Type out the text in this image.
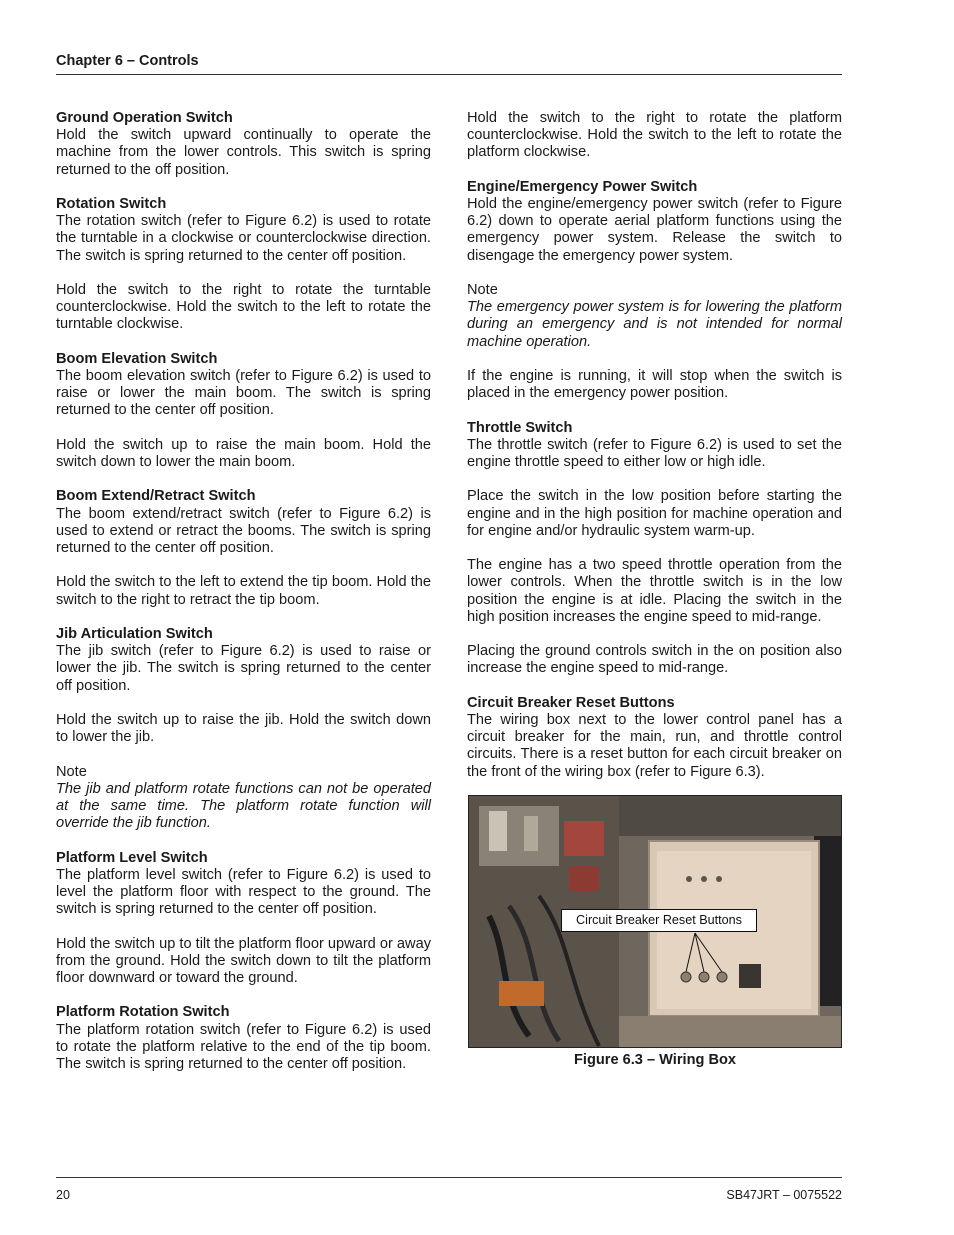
Chapter 6 – Controls
Ground Operation Switch
Hold the switch upward continually to operate the machine from the lower controls. This switch is spring returned to the off position.
Rotation Switch
The rotation switch (refer to Figure 6.2) is used to rotate the turntable in a clockwise or counterclockwise direction. The switch is spring returned to the center off position.
Hold the switch to the right to rotate the turntable counterclockwise. Hold the switch to the left to rotate the turntable clockwise.
Boom Elevation Switch
The boom elevation switch (refer to Figure 6.2) is used to raise or lower the main boom. The switch is spring returned to the center off position.
Hold the switch up to raise the main boom. Hold the switch down to lower the main boom.
Boom Extend/Retract Switch
The boom extend/retract switch (refer to Figure 6.2) is used to extend or retract the booms. The switch is spring returned to the center off position.
Hold the switch to the left to extend the tip boom. Hold the switch to the right to retract the tip boom.
Jib Articulation Switch
The jib switch (refer to Figure 6.2) is used to raise or lower the jib. The switch is spring returned to the center off position.
Hold the switch up to raise the jib. Hold the switch down to lower the jib.
Note
The jib and platform rotate functions can not be operated at the same time. The platform rotate function will override the jib function.
Platform Level Switch
The platform level switch (refer to Figure 6.2) is used to level the platform floor with respect to the ground. The switch is spring returned to the center off position.
Hold the switch up to tilt the platform floor upward or away from the ground. Hold the switch down to tilt the platform floor downward or toward the ground.
Platform Rotation Switch
The platform rotation switch (refer to Figure 6.2) is used to rotate the platform relative to the end of the tip boom. The switch is spring returned to the center off position.
Hold the switch to the right to rotate the platform counterclockwise. Hold the switch to the left to rotate the platform clockwise.
Engine/Emergency Power Switch
Hold the engine/emergency power switch (refer to Figure 6.2) down to operate aerial platform functions using the emergency power system. Release the switch to disengage the emergency power system.
Note
The emergency power system is for lowering the platform during an emergency and is not intended for normal machine operation.
If the engine is running, it will stop when the switch is placed in the emergency power position.
Throttle Switch
The throttle switch (refer to Figure 6.2) is used to set the engine throttle speed to either low or high idle.
Place the switch in the low position before starting the engine and in the high position for machine operation and for engine and/or hydraulic system warm-up.
The engine has a two speed throttle operation from the lower controls. When the throttle switch is in the low position the engine is at idle. Placing the switch in the high position increases the engine speed to mid-range.
Placing the ground controls switch in the on position also increase the engine speed to mid-range.
Circuit Breaker Reset Buttons
The wiring box next to the lower control panel has a circuit breaker for the main, run, and throttle control circuits. There is a reset button for each circuit breaker on the front of the wiring box (refer to Figure 6.3).
Circuit Breaker Reset Buttons
Figure 6.3 – Wiring Box
20	SB47JRT – 0075522
